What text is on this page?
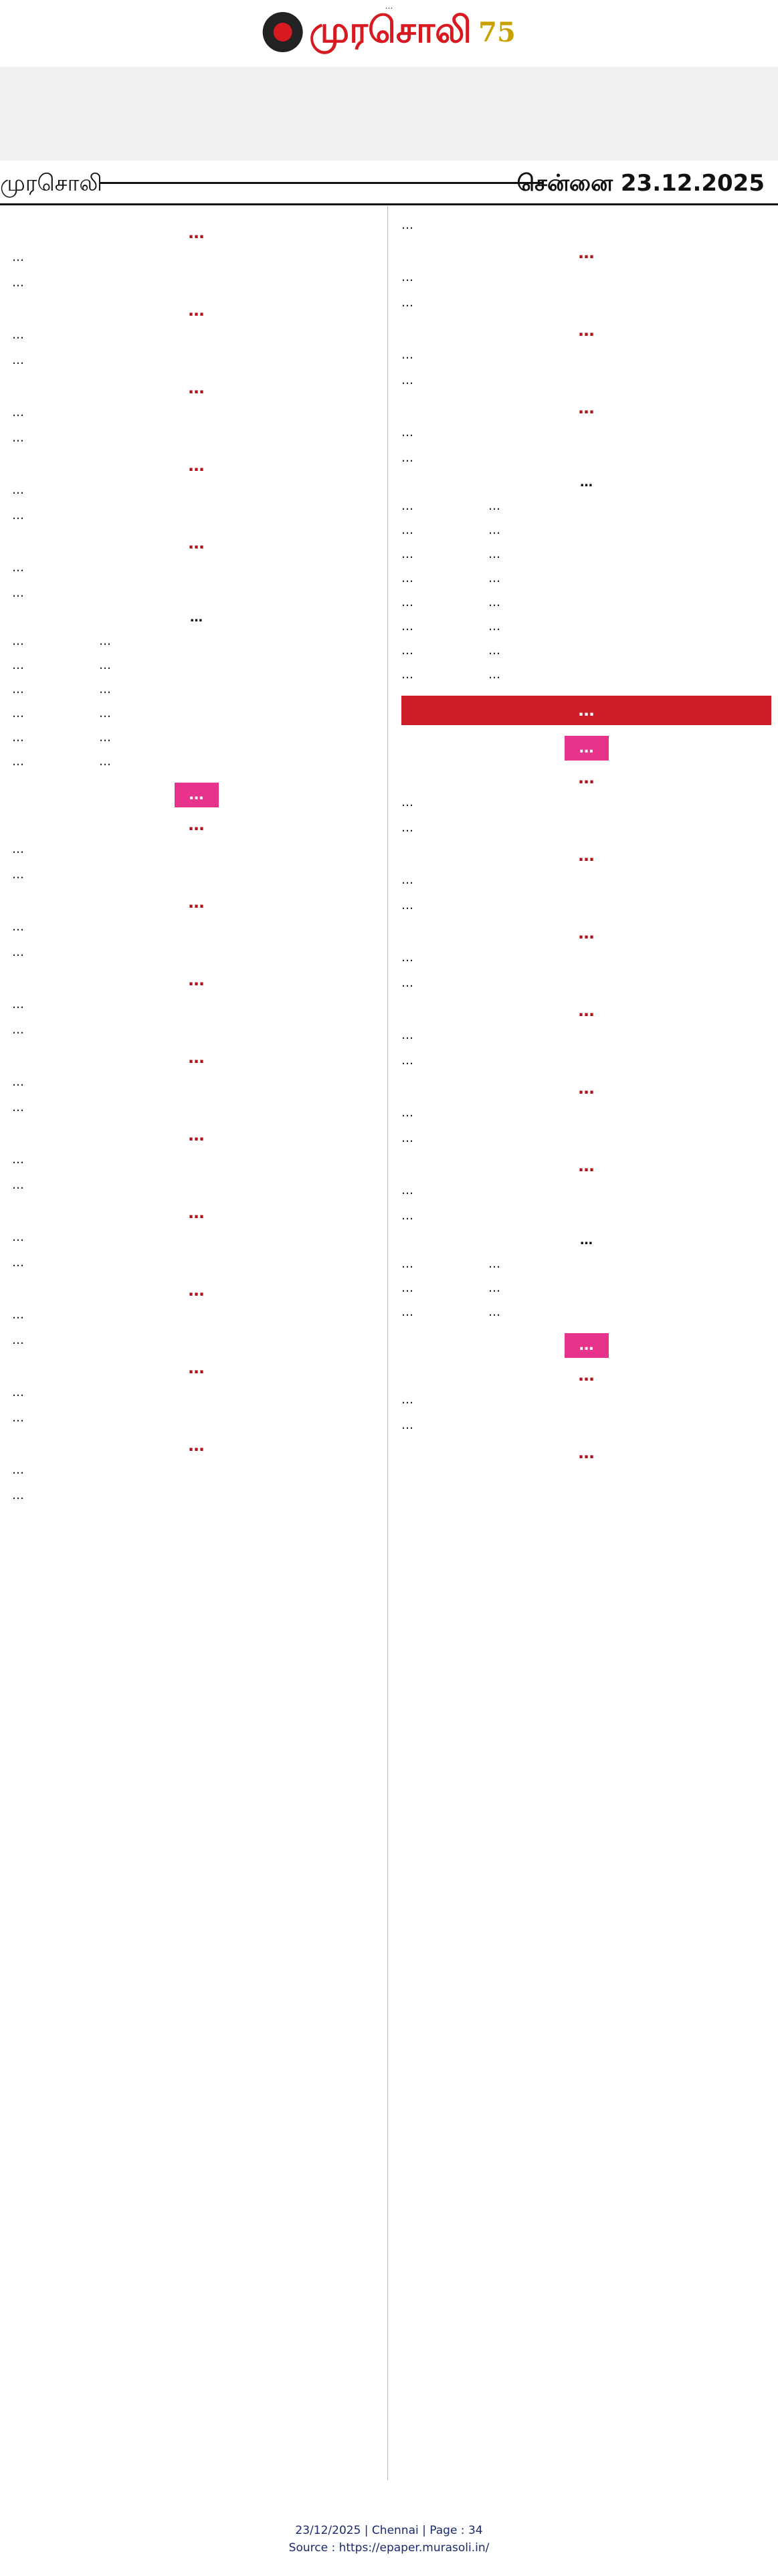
…
முரசொலி 75
முரசொலி	சென்னை 23.12.2025
…

…

…

…

…

…

…

…

…

…

…

…

…

…

…

…
…	…
…	…
…	…
…	…
…	…
…	…
…
…

…

…

…

…

…

…

…

…

…

…

…

…

…

…

…

…

…

…

…

…

…

…

…

…

…

…

…

…

…

…

…

…

…

…

…

…

…
…	…
…	…
…	…
…	…
…	…
…	…
…	…
…	…
…
…
…

…

…

…

…

…

…

…

…

…

…

…

…

…

…

…

…

…

…
…	…
…	…
…	…
…
…

…

…

…
23/12/2025 | Chennai | Page : 34
Source : https://epaper.murasoli.in/
